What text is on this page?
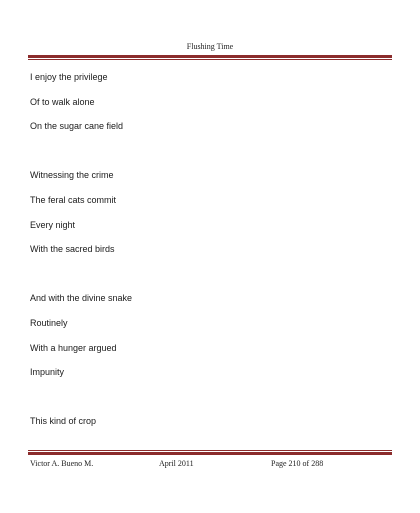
Flushing Time
I enjoy the privilege
Of to walk alone
On the sugar cane field
Witnessing the crime
The feral cats commit
Every night
With the sacred birds
And with the divine snake
Routinely
With a hunger argued
Impunity
This kind of crop
Victor A. Bueno M.	April 2011	Page 210 of 288
